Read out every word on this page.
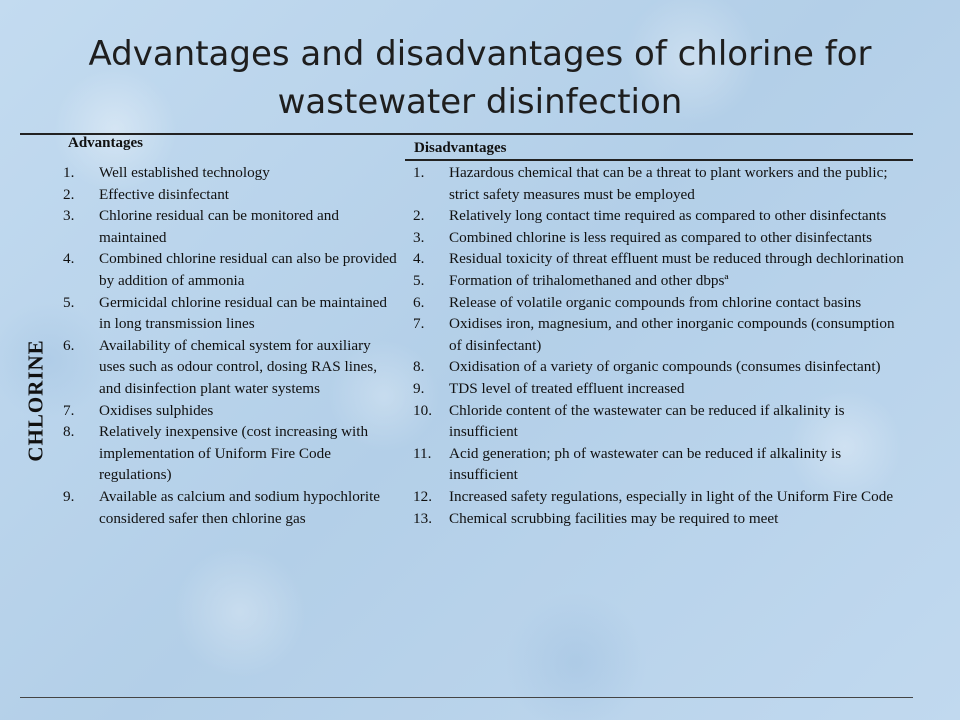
Advantages and disadvantages of chlorine for wastewater disinfection
CHLORINE
Advantages	Disadvantages
1. Well established technology
2. Effective disinfectant
3. Chlorine residual can be monitored and maintained
4. Combined chlorine residual can also be provided by addition of ammonia
5. Germicidal chlorine residual can be maintained in long transmission lines
6. Availability of chemical system for auxiliary uses such as odour control, dosing RAS lines, and disinfection plant water systems
7. Oxidises sulphides
8. Relatively inexpensive (cost increasing with implementation of Uniform Fire Code regulations)
9. Available as calcium and sodium hypochlorite considered safer then chlorine gas
1. Hazardous chemical that can be a threat to plant workers and the public; strict safety measures must be employed
2. Relatively long contact time required as compared to other disinfectants
3. Combined chlorine is less required as compared to other disinfectants
4. Residual toxicity of threat effluent must be reduced through dechlorination
5. Formation of trihalomethaned and other dbpsª
6. Release of volatile organic compounds from chlorine contact basins
7. Oxidises iron, magnesium, and other inorganic compounds (consumption of disinfectant)
8. Oxidisation of a variety of organic compounds (consumes disinfectant)
9. TDS level of treated effluent increased
10. Chloride content of the wastewater can be reduced if alkalinity is insufficient
11. Acid generation; ph of wastewater can be reduced if alkalinity is insufficient
12. Increased safety regulations, especially in light of the Uniform Fire Code
13. Chemical scrubbing facilities may be required to meet
